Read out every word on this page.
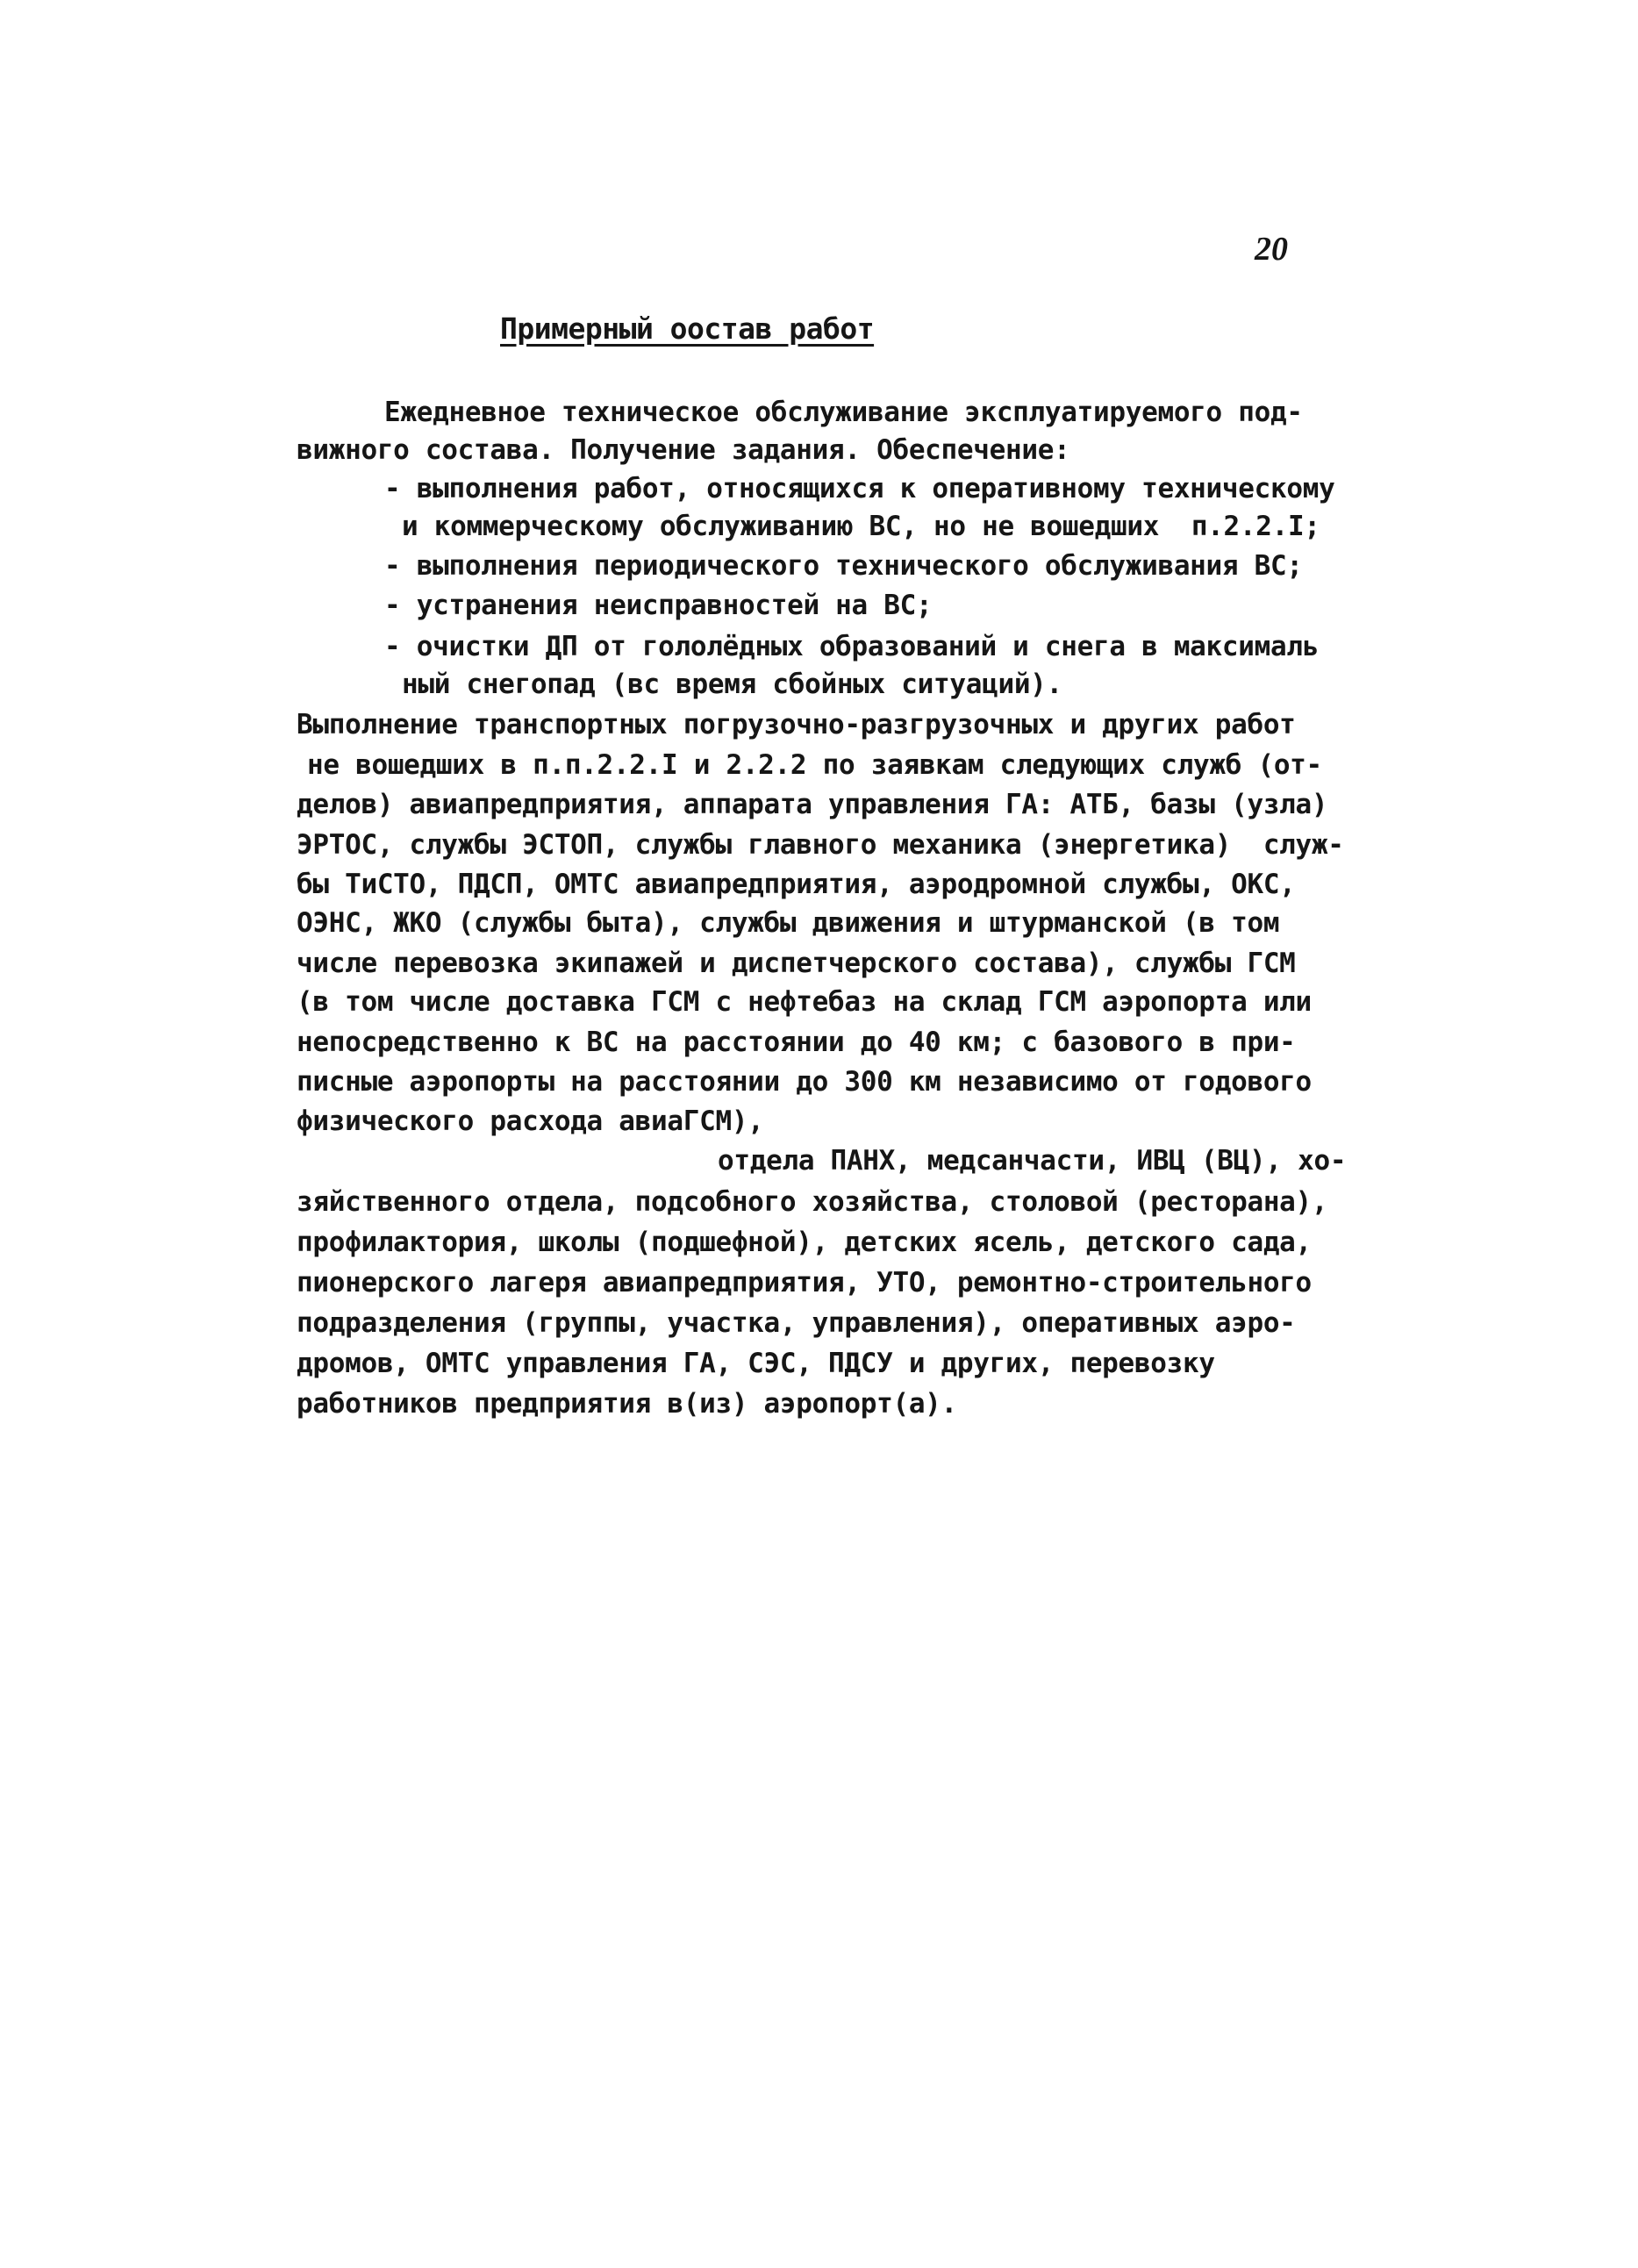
20
Примерный оостав работ
Ежедневное техническое обслуживание эксплуатируемого под-
вижного состава. Получение задания. Обеспечение:
- выполнения работ, относящихся к оперативному техническому
и коммерческому обслуживанию ВС, но не вошедших  п.2.2.I;
- выполнения периодического технического обслуживания ВС;
- устранения неисправностей на ВС;
- очистки ДП от гололёдных образований и снега в максималь
ный снегопад (вс время сбойных ситуаций).
Выполнение транспортных погрузочно-разгрузочных и других работ
не вошедших в п.п.2.2.I и 2.2.2 по заявкам следующих служб (от-
делов) авиапредприятия, аппарата управления ГА: АТБ, базы (узла)
ЭРТОС, службы ЭСТОП, службы главного механика (энергетика)  служ-
бы ТиСТО, ПДСП, ОМТС авиапредприятия, аэродромной службы, ОКС,
ОЭНС, ЖКО (службы быта), службы движения и штурманской (в том
числе перевозка экипажей и диспетчерского состава), службы ГСМ
(в том числе доставка ГСМ с нефтебаз на склад ГСМ аэропорта или
непосредственно к ВС на расстоянии до 40 км; с базового в при-
писные аэропорты на расстоянии до 300 км независимо от годового
физического расхода авиаГСМ),
отдела ПАНХ, медсанчасти, ИВЦ (ВЦ), хо-
зяйственного отдела, подсобного хозяйства, столовой (ресторана),
профилактория, школы (подшефной), детских ясель, детского сада,
пионерского лагеря авиапредприятия, УТО, ремонтно-строительного
подразделения (группы, участка, управления), оперативных аэро-
дромов, ОМТС управления ГА, СЭС, ПДСУ и других, перевозку
работников предприятия в(из) аэропорт(а).
